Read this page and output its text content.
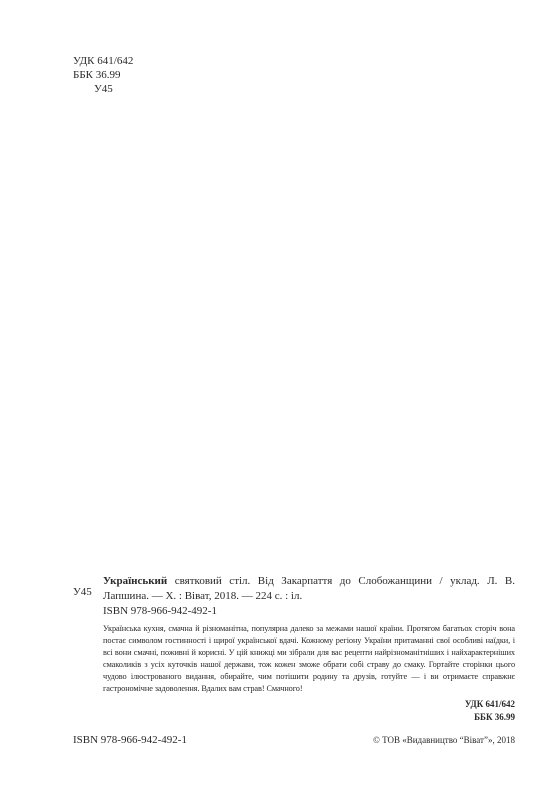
УДК 641/642
ББК 36.99
У45
У45
Український святковий стіл. Від Закарпаття до Слобожанщини / уклад. Л. В. Лапшина. — Х. : Віват, 2018. — 224 с. : іл.
ISBN 978-966-942-492-1
Українська кухня, смачна й різноманітна, популярна далеко за межами нашої країни. Протягом багатьох сторіч вона постає символом гостинності і щирої української вдачі. Кожному регіону України притаманні свої особливі наїдки, і всі вони смачні, поживні й корисні. У цій книжці ми зібрали для вас рецепти найрізноманітніших і найхарактерніших смаколиків з усіх куточків нашої держави, тож кожен зможе обрати собі страву до смаку. Гортайте сторінки цього чудово ілюстрованого видання, обирайте, чим потішити родину та друзів, готуйте — і ви отримаєте справжнє гастрономічне задоволення. Вдалих вам страв! Смачного!
УДК 641/642
ББК 36.99
ISBN 978-966-942-492-1	© ТОВ «Видавництво “Віват”», 2018
